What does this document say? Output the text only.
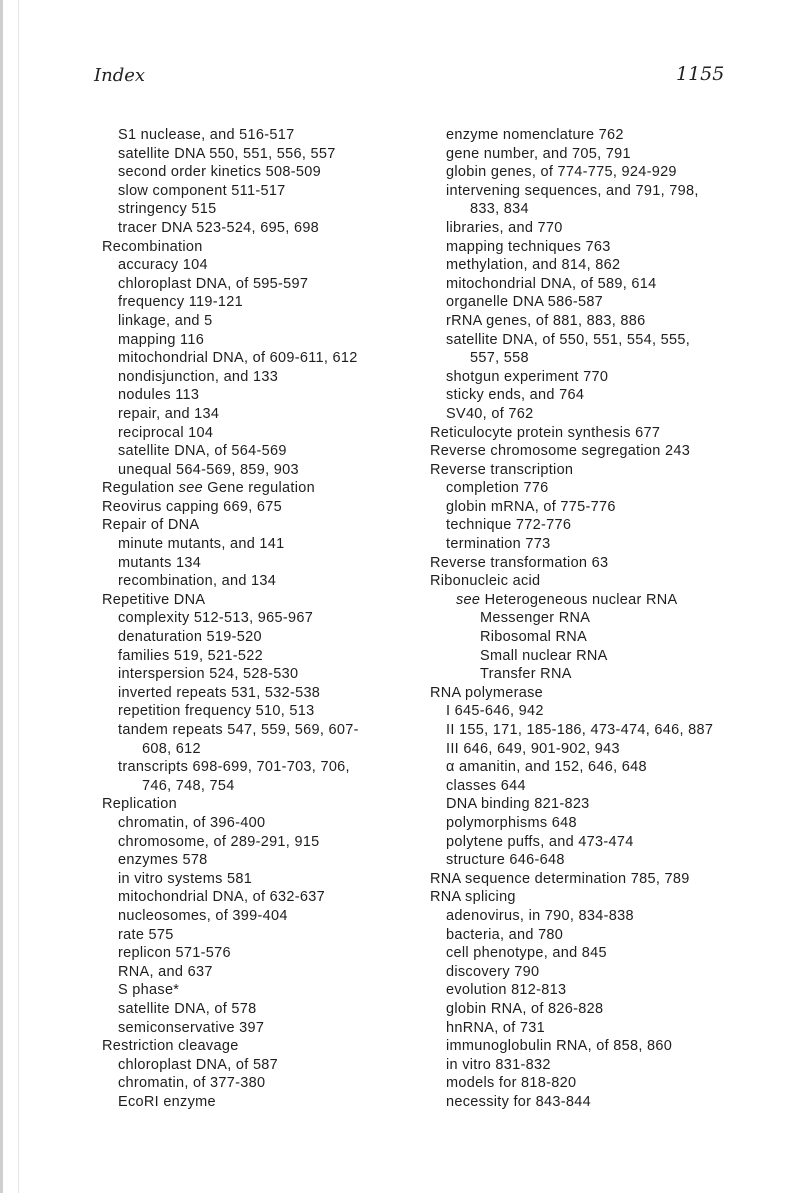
Index	1155
S1 nuclease, and 516-517
satellite DNA 550, 551, 556, 557
second order kinetics 508-509
slow component 511-517
stringency 515
tracer DNA 523-524, 695, 698
Recombination
accuracy 104
chloroplast DNA, of 595-597
frequency 119-121
linkage, and 5
mapping 116
mitochondrial DNA, of 609-611, 612
nondisjunction, and 133
nodules 113
repair, and 134
reciprocal 104
satellite DNA, of 564-569
unequal 564-569, 859, 903
Regulation see Gene regulation
Reovirus capping 669, 675
Repair of DNA
minute mutants, and 141
mutants 134
recombination, and 134
Repetitive DNA
complexity 512-513, 965-967
denaturation 519-520
families 519, 521-522
interspersion 524, 528-530
inverted repeats 531, 532-538
repetition frequency 510, 513
tandem repeats 547, 559, 569, 607-
608, 612
transcripts 698-699, 701-703, 706,
746, 748, 754
Replication
chromatin, of 396-400
chromosome, of 289-291, 915
enzymes 578
in vitro systems 581
mitochondrial DNA, of 632-637
nucleosomes, of 399-404
rate 575
replicon 571-576
RNA, and 637
S phase*
satellite DNA, of 578
semiconservative 397
Restriction cleavage
chloroplast DNA, of 587
chromatin, of 377-380
EcoRI enzyme
enzyme nomenclature 762
gene number, and 705, 791
globin genes, of 774-775, 924-929
intervening sequences, and 791, 798,
833, 834
libraries, and 770
mapping techniques 763
methylation, and 814, 862
mitochondrial DNA, of 589, 614
organelle DNA 586-587
rRNA genes, of 881, 883, 886
satellite DNA, of 550, 551, 554, 555,
557, 558
shotgun experiment 770
sticky ends, and 764
SV40, of 762
Reticulocyte protein synthesis 677
Reverse chromosome segregation 243
Reverse transcription
completion 776
globin mRNA, of 775-776
technique 772-776
termination 773
Reverse transformation 63
Ribonucleic acid
see Heterogeneous nuclear RNA
Messenger RNA
Ribosomal RNA
Small nuclear RNA
Transfer RNA
RNA polymerase
I 645-646, 942
II 155, 171, 185-186, 473-474, 646, 887
III 646, 649, 901-902, 943
α amanitin, and 152, 646, 648
classes 644
DNA binding 821-823
polymorphisms 648
polytene puffs, and 473-474
structure 646-648
RNA sequence determination 785, 789
RNA splicing
adenovirus, in 790, 834-838
bacteria, and 780
cell phenotype, and 845
discovery 790
evolution 812-813
globin RNA, of 826-828
hnRNA, of 731
immunoglobulin RNA, of 858, 860
in vitro 831-832
models for 818-820
necessity for 843-844
